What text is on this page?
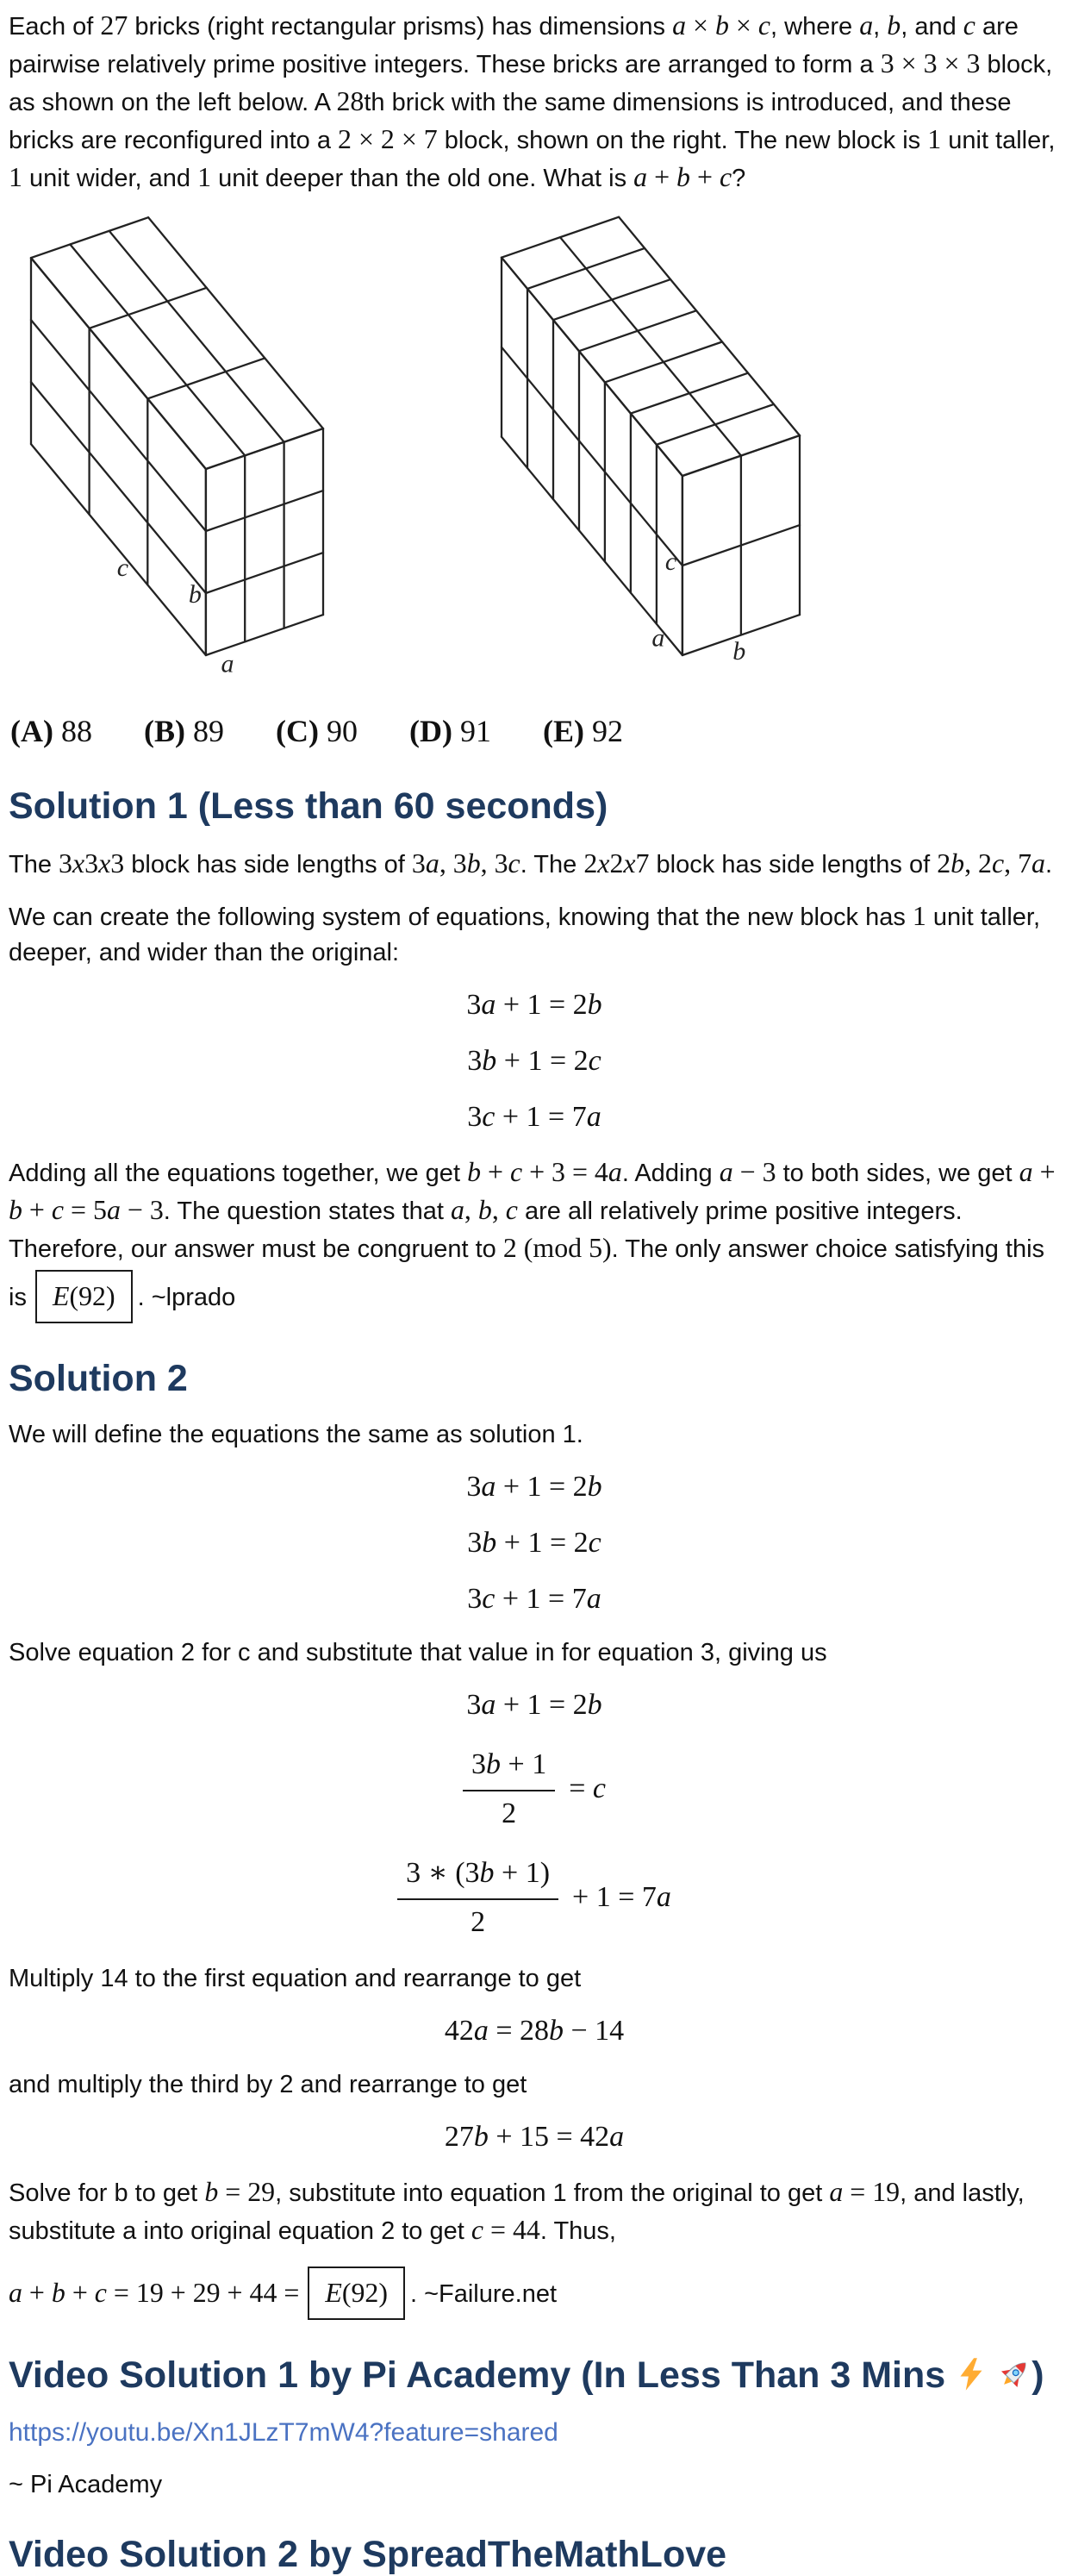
Each of 27 bricks (right rectangular prisms) has dimensions a × b × c, where a, b, and c are pairwise relatively prime positive integers. These bricks are arranged to form a 3 × 3 × 3 block, as shown on the left below. A 28th brick with the same dimensions is introduced, and these bricks are reconfigured into a 2 × 2 × 7 block, shown on the right. The new block is 1 unit taller, 1 unit wider, and 1 unit deeper than the old one. What is a + b + c?

a
b
c
b
c
a
(A) 88 (B) 89 (C) 90 (D) 91 (E) 92
Solution 1 (Less than 60 seconds)

The 3x3x3 block has side lengths of 3a, 3b, 3c. The 2x2x7 block has side lengths of 2b, 2c, 7a.

We can create the following system of equations, knowing that the new block has 1 unit taller, deeper, and wider than the original:

3a + 1 = 2b
3b + 1 = 2c
3c + 1 = 7a

Adding all the equations together, we get b + c + 3 = 4a. Adding a − 3 to both sides, we get a + b + c = 5a − 3. The question states that a, b, c are all relatively prime positive integers. Therefore, our answer must be congruent to 2 (mod 5). The only answer choice satisfying this is E(92) . ~lprado

Solution 2

We will define the equations the same as solution 1.

3a + 1 = 2b
3b + 1 = 2c
3c + 1 = 7a

Solve equation 2 for c and substitute that value in for equation 3, giving us

3a + 1 = 2b
$\frac{3b + 1}{2} = c$
$\frac{3 ∗ (3b + 1)}{2} + 1 = 7a$

Multiply 14 to the first equation and rearrange to get

42a = 28b − 14

and multiply the third by 2 and rearrange to get

27b + 15 = 42a

Solve for b to get b = 29, substitute into equation 1 from the original to get a = 19, and lastly, substitute a into original equation 2 to get c = 44. Thus,

a + b + c = 19 + 29 + 44 = E(92) . ~Failure.net

Video Solution 1 by Pi Academy (In Less Than 3 Mins )

https://youtu.be/Xn1JLzT7mW4?feature=shared

~ Pi Academy

Video Solution 2 by SpreadTheMathLove
